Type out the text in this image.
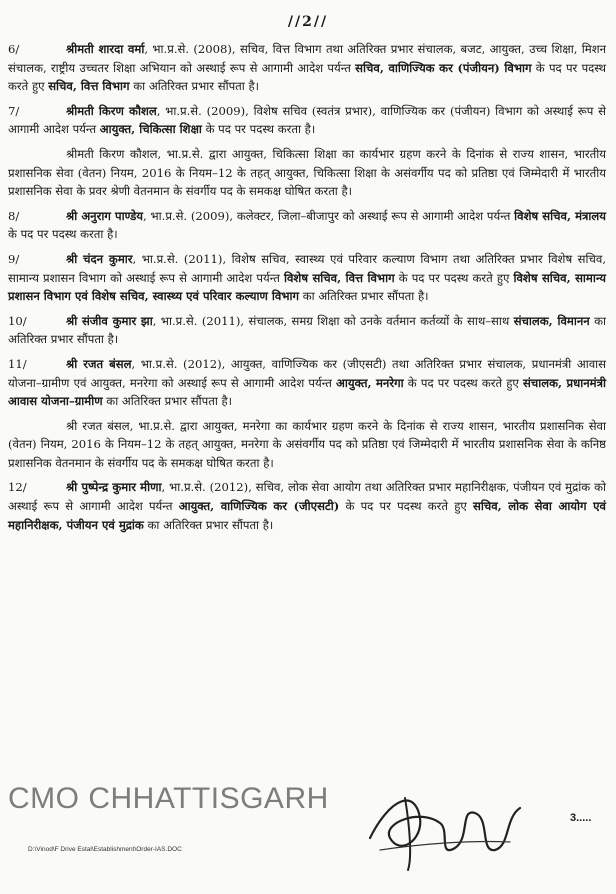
//2//

6/	श्रीमती शारदा वर्मा, भा.प्र.से. (2008), सचिव, वित्त विभाग तथा अतिरिक्त प्रभार संचालक, बजट, आयुक्त, उच्च शिक्षा, मिशन संचालक, राष्ट्रीय उच्चतर शिक्षा अभियान को अस्थाई रूप से आगामी आदेश पर्यन्त सचिव, वाणिज्यिक कर (पंजीयन) विभाग के पद पर पदस्थ करते हुए सचिव, वित्त विभाग का अतिरिक्त प्रभार सौंपता है।

7/	श्रीमती किरण कौशल, भा.प्र.से. (2009), विशेष सचिव (स्वतंत्र प्रभार), वाणिज्यिक कर (पंजीयन) विभाग को अस्थाई रूप से आगामी आदेश पर्यन्त आयुक्त, चिकित्सा शिक्षा के पद पर पदस्थ करता है।

श्रीमती किरण कौशल, भा.प्र.से. द्वारा आयुक्त, चिकित्सा शिक्षा का कार्यभार ग्रहण करने के दिनांक से राज्य शासन, भारतीय प्रशासनिक सेवा (वेतन) नियम, 2016 के नियम–12 के तहत् आयुक्त, चिकित्सा शिक्षा के असंवर्गीय पद को प्रतिष्ठा एवं जिम्मेदारी में भारतीय प्रशासनिक सेवा के प्रवर श्रेणी वेतनमान के संवर्गीय पद के समकक्ष घोषित करता है।

8/	श्री अनुराग पाण्डेय, भा.प्र.से. (2009), कलेक्टर, जिला–बीजापुर को अस्थाई रूप से आगामी आदेश पर्यन्त विशेष सचिव, मंत्रालय के पद पर पदस्थ करता है।

9/	श्री चंदन कुमार, भा.प्र.से. (2011), विशेष सचिव, स्वास्थ्य एवं परिवार कल्याण विभाग तथा अतिरिक्त प्रभार विशेष सचिव, सामान्य प्रशासन विभाग को अस्थाई रूप से आगामी आदेश पर्यन्त विशेष सचिव, वित्त विभाग के पद पर पदस्थ करते हुए विशेष सचिव, सामान्य प्रशासन विभाग एवं विशेष सचिव, स्वास्थ्य एवं परिवार कल्याण विभाग का अतिरिक्त प्रभार सौंपता है।

10/	श्री संजीव कुमार झा, भा.प्र.से. (2011), संचालक, समग्र शिक्षा को उनके वर्तमान कर्तव्यों के साथ–साथ संचालक, विमानन का अतिरिक्त प्रभार सौंपता है।

11/	श्री रजत बंसल, भा.प्र.से. (2012), आयुक्त, वाणिज्यिक कर (जीएसटी) तथा अतिरिक्त प्रभार संचालक, प्रधानमंत्री आवास योजना–ग्रामीण एवं आयुक्त, मनरेगा को अस्थाई रूप से आगामी आदेश पर्यन्त आयुक्त, मनरेगा के पद पर पदस्थ करते हुए संचालक, प्रधानमंत्री आवास योजना–ग्रामीण का अतिरिक्त प्रभार सौंपता है।

श्री रजत बंसल, भा.प्र.से. द्वारा आयुक्त, मनरेगा का कार्यभार ग्रहण करने के दिनांक से राज्य शासन, भारतीय प्रशासनिक सेवा (वेतन) नियम, 2016 के नियम–12 के तहत् आयुक्त, मनरेगा के असंवर्गीय पद को प्रतिष्ठा एवं जिम्मेदारी में भारतीय प्रशासनिक सेवा के कनिष्ठ प्रशासनिक वेतनमान के संवर्गीय पद के समकक्ष घोषित करता है।

12/	श्री पुष्पेन्द्र कुमार मीणा, भा.प्र.से. (2012), सचिव, लोक सेवा आयोग तथा अतिरिक्त प्रभार महानिरीक्षक, पंजीयन एवं मुद्रांक को अस्थाई रूप से आगामी आदेश पर्यन्त आयुक्त, वाणिज्यिक कर (जीएसटी) के पद पर पदस्थ करते हुए सचिव, लोक सेवा आयोग एवं महानिरीक्षक, पंजीयन एवं मुद्रांक का अतिरिक्त प्रभार सौंपता है।

CMO CHHATTISGARH
3.....
D:\Vinod\F Drive Estal\Establishment\Order-IAS.DOC
